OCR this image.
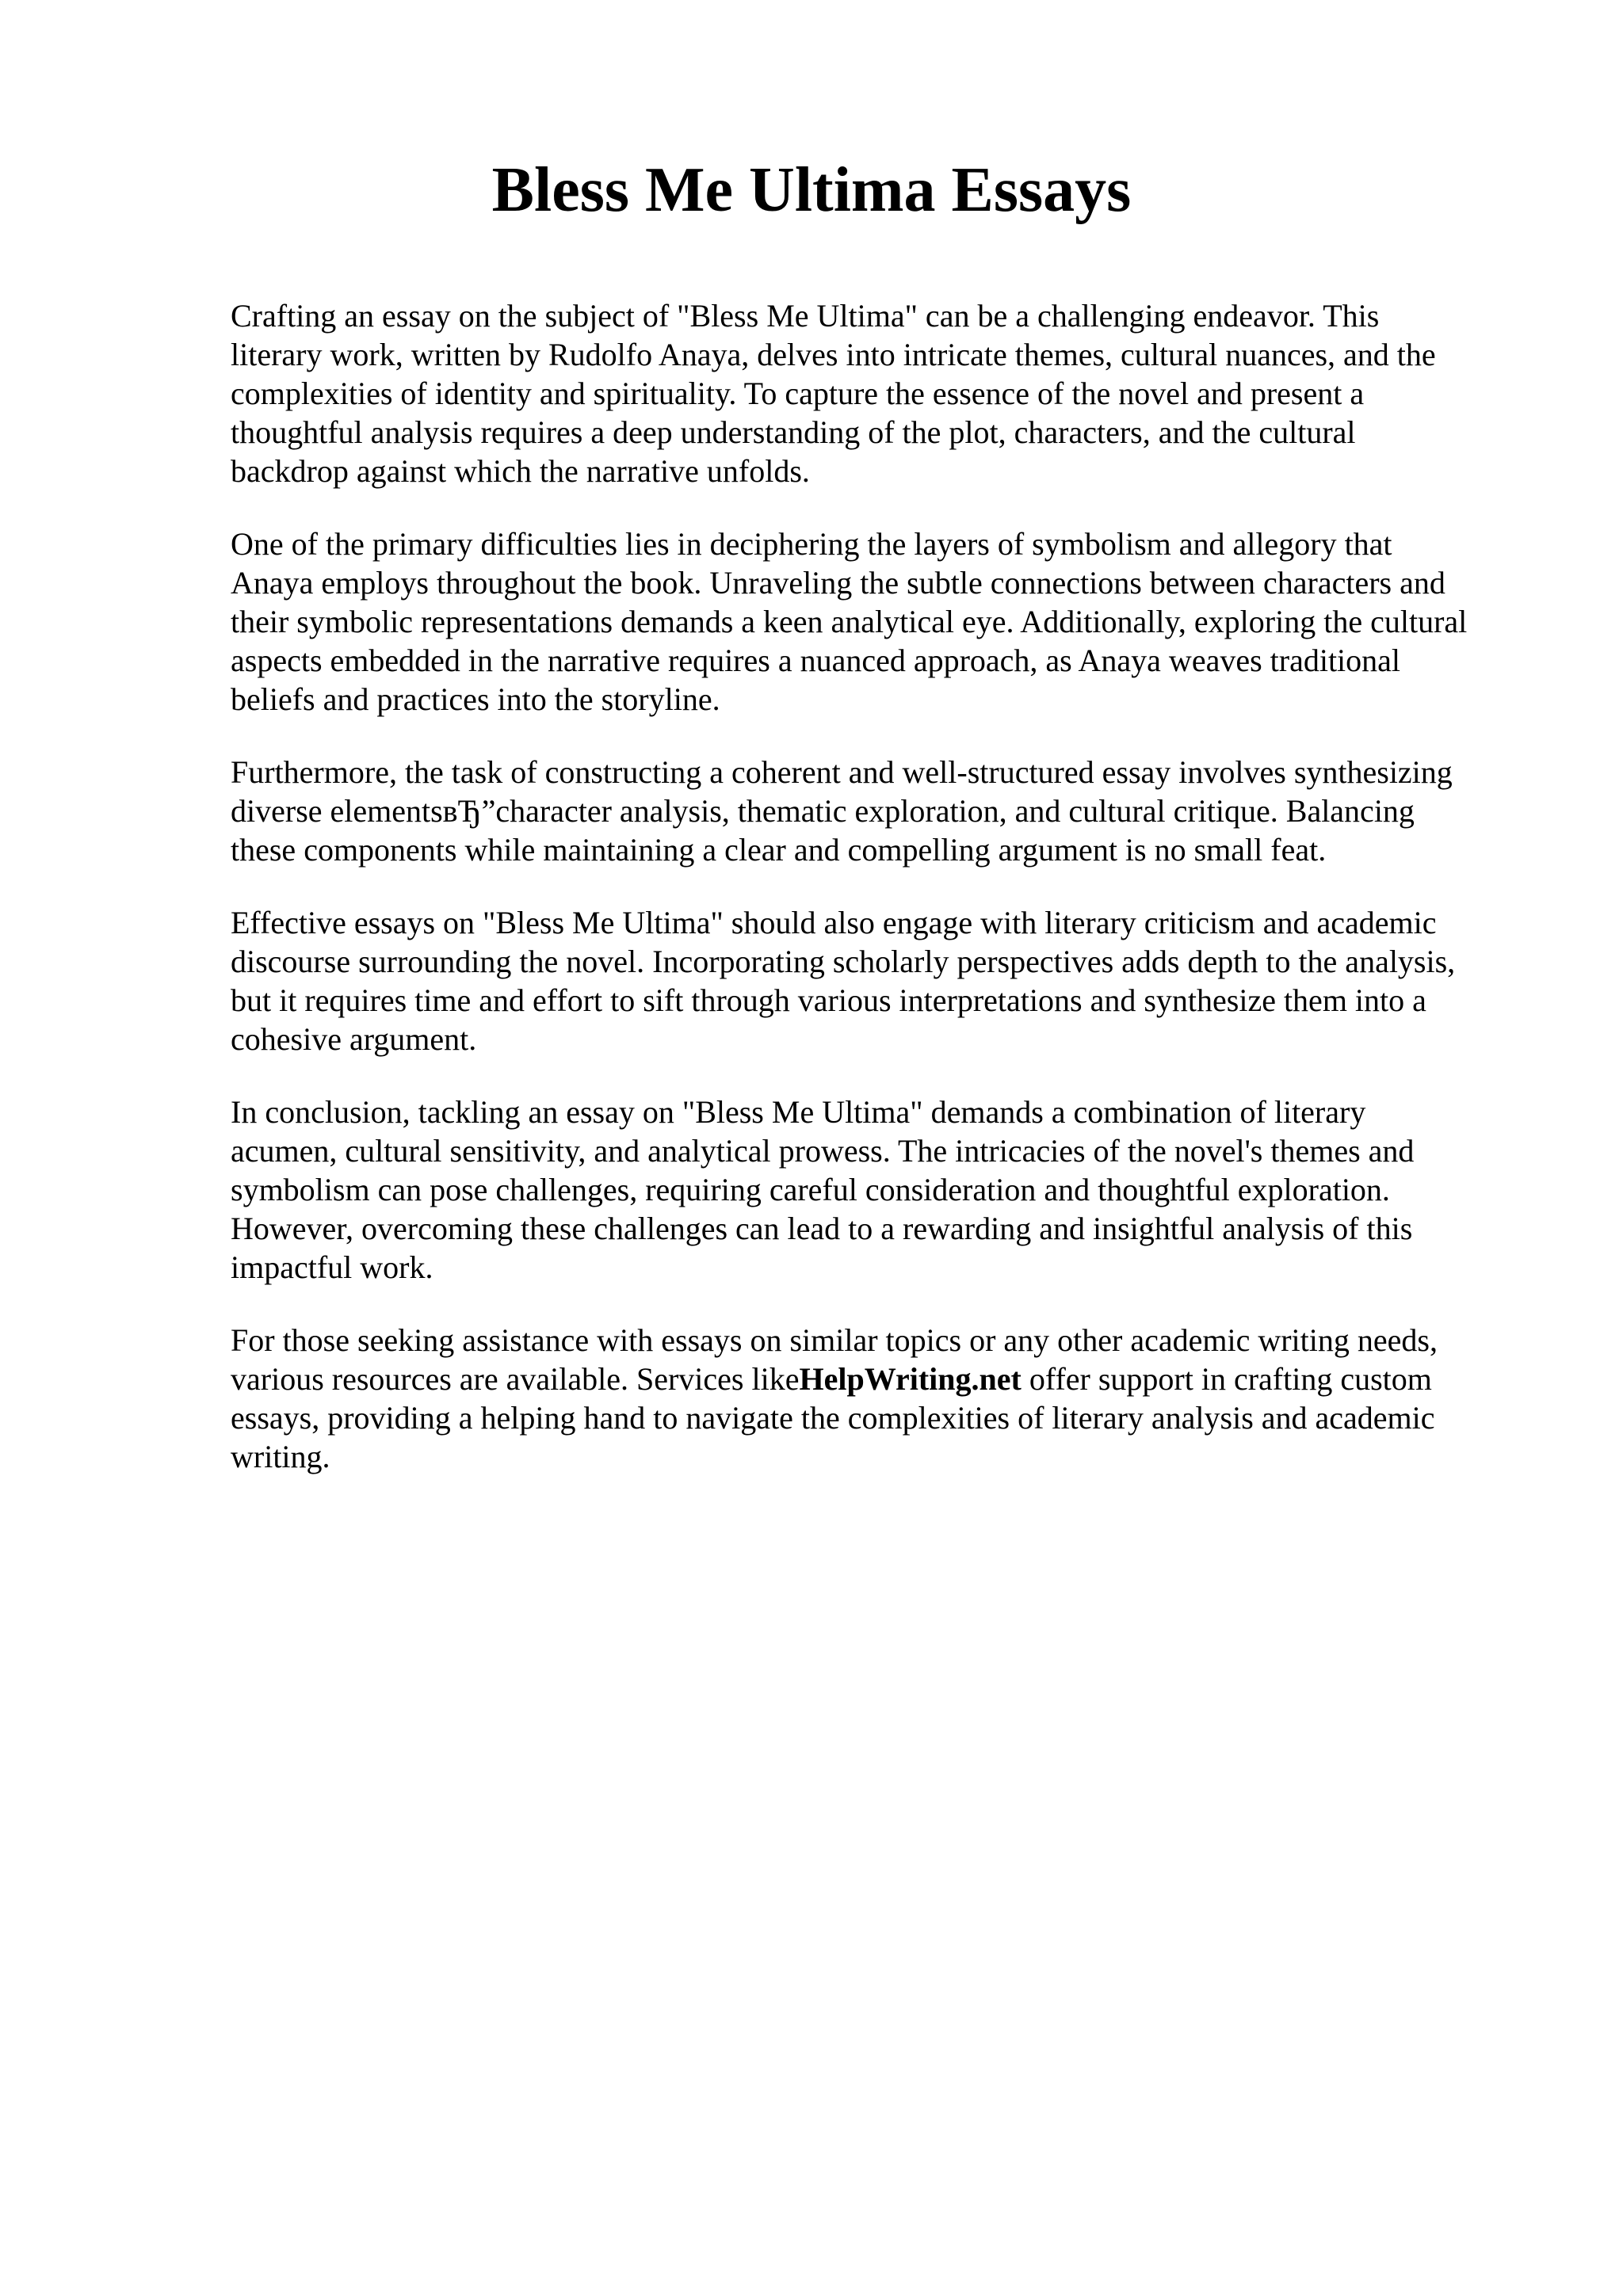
Bless Me Ultima Essays

Crafting an essay on the subject of "Bless Me Ultima" can be a challenging endeavor. This
literary work, written by Rudolfo Anaya, delves into intricate themes, cultural nuances, and the
complexities of identity and spirituality. To capture the essence of the novel and present a
thoughtful analysis requires a deep understanding of the plot, characters, and the cultural
backdrop against which the narrative unfolds.

One of the primary difficulties lies in deciphering the layers of symbolism and allegory that
Anaya employs throughout the book. Unraveling the subtle connections between characters and
their symbolic representations demands a keen analytical eye. Additionally, exploring the cultural
aspects embedded in the narrative requires a nuanced approach, as Anaya weaves traditional
beliefs and practices into the storyline.

Furthermore, the task of constructing a coherent and well-structured essay involves synthesizing
diverse elementsвЂ”character analysis, thematic exploration, and cultural critique. Balancing
these components while maintaining a clear and compelling argument is no small feat.

Effective essays on "Bless Me Ultima" should also engage with literary criticism and academic
discourse surrounding the novel. Incorporating scholarly perspectives adds depth to the analysis,
but it requires time and effort to sift through various interpretations and synthesize them into a
cohesive argument.

In conclusion, tackling an essay on "Bless Me Ultima" demands a combination of literary
acumen, cultural sensitivity, and analytical prowess. The intricacies of the novel's themes and
symbolism can pose challenges, requiring careful consideration and thoughtful exploration.
However, overcoming these challenges can lead to a rewarding and insightful analysis of this
impactful work.

For those seeking assistance with essays on similar topics or any other academic writing needs,
various resources are available. Services likeHelpWriting.net offer support in crafting custom
essays, providing a helping hand to navigate the complexities of literary analysis and academic
writing.
